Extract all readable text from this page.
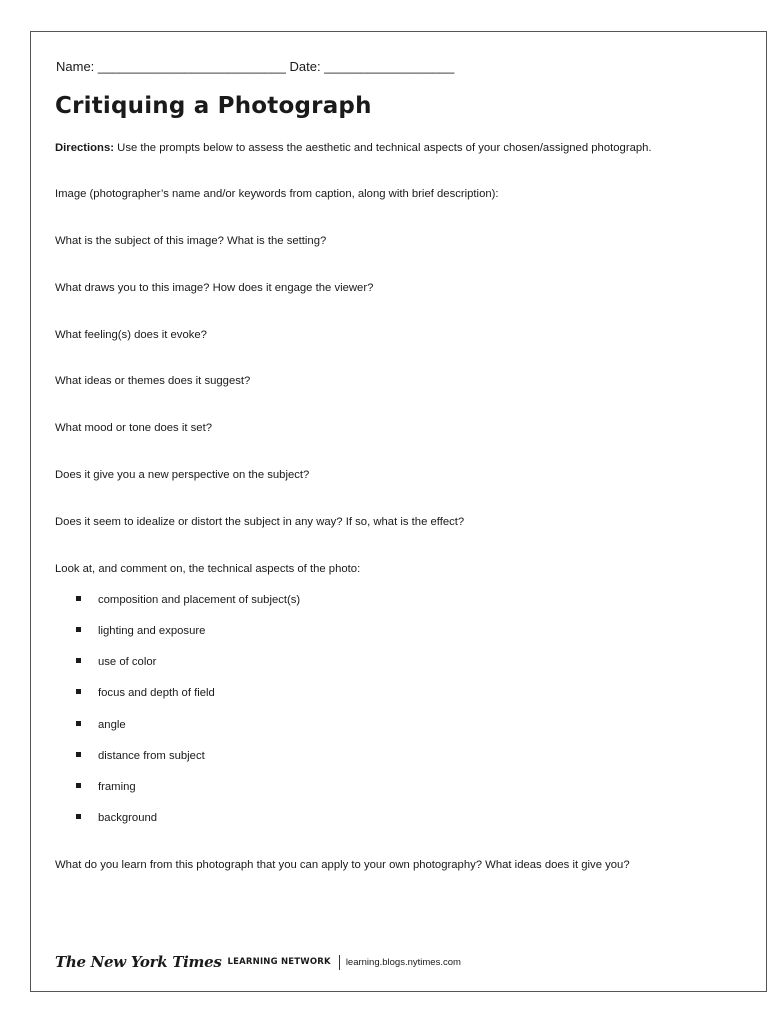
Name: __________________________ Date: __________________
Critiquing a Photograph
Directions: Use the prompts below to assess the aesthetic and technical aspects of your chosen/assigned photograph.
Image (photographer’s name and/or keywords from caption, along with brief description):
What is the subject of this image? What is the setting?
What draws you to this image? How does it engage the viewer?
What feeling(s) does it evoke?
What ideas or themes does it suggest?
What mood or tone does it set?
Does it give you a new perspective on the subject?
Does it seem to idealize or distort the subject in any way? If so, what is the effect?
Look at, and comment on, the technical aspects of the photo:
composition and placement of subject(s)
lighting and exposure
use of color
focus and depth of field
angle
distance from subject
framing
background
What do you learn from this photograph that you can apply to your own photography? What ideas does it give you?
The New York Times LEARNING NETWORK learning.blogs.nytimes.com
